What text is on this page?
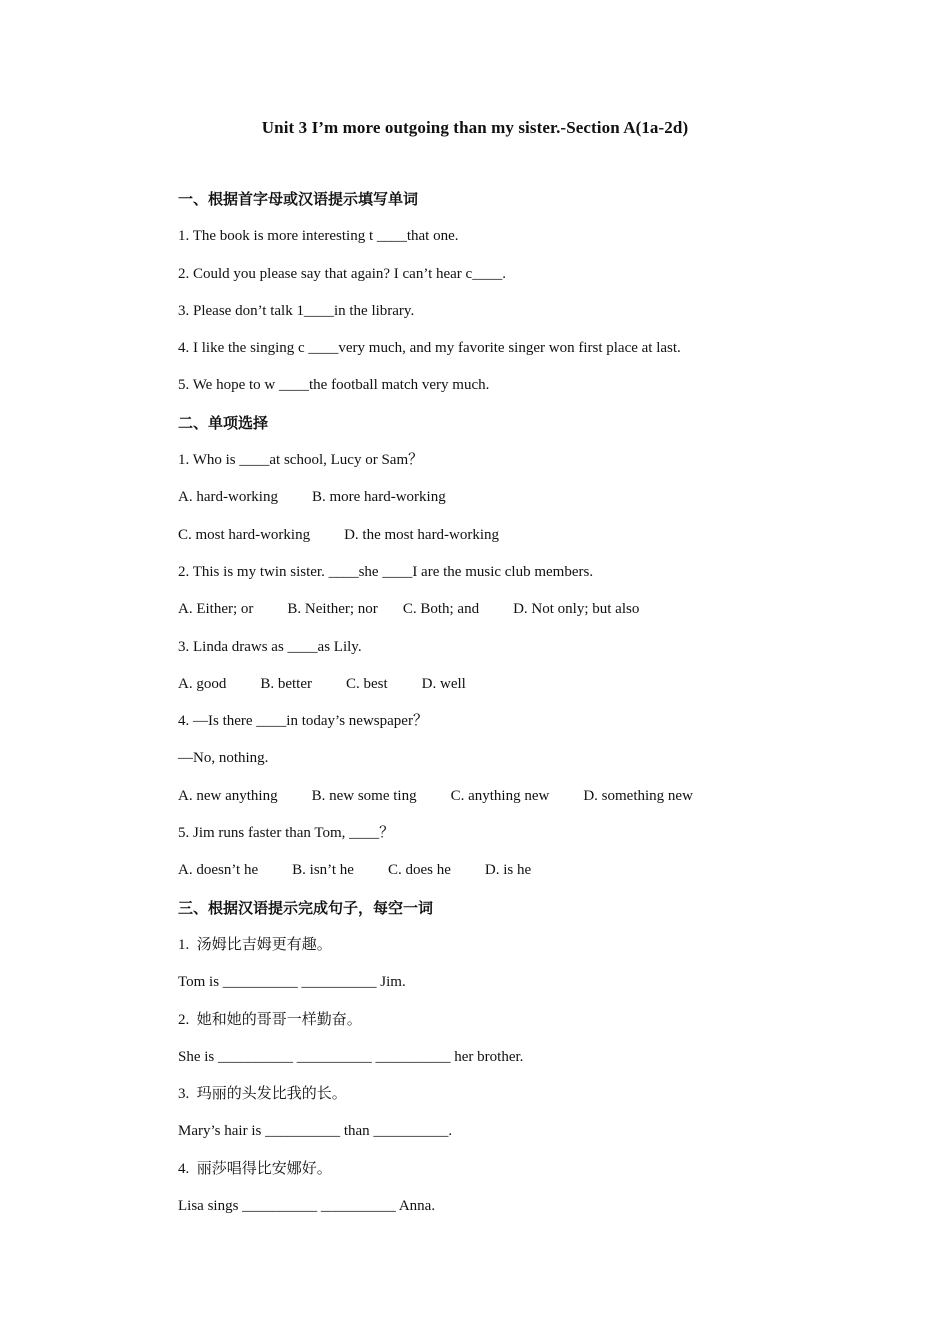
Unit 3 I’m more outgoing than my sister.-Section A(1a-2d)
一、根据首字母或汉语提示填写单词
1. The book is more interesting t ____that one.
2. Could you please say that again? I can’t hear c____.
3. Please don’t talk 1____in the library.
4. I like the singing c ____very much, and my favorite singer won first place at last.
5. We hope to w ____the football match very much.
二、单项选择
1. Who is ____at school, Lucy or Sam？
A. hard-working B. more hard-working
C. most hard-working D. the most hard-working
2. This is my twin sister. ____she ____I are the music club members.
A. Either; or B. Neither; nor C. Both; and D. Not only; but also
3. Linda draws as ____as Lily.
A. good B. better C. best D. well
4. —Is there ____in today’s newspaper？
—No, nothing.
A. new anything B. new some ting C. anything new D. something new
5. Jim runs faster than Tom, ____？
A. doesn’t he B. isn’t he C. does he D. is he
三、根据汉语提示完成句子，每空一词
1.  汤姆比吉姆更有趣。
Tom is __________ __________ Jim.
2.  她和她的哥哥一样勤奋。
She is __________ __________ __________ her brother.
3.  玛丽的头发比我的长。
Mary’s hair is __________ than __________.
4.  丽莎唱得比安娜好。
Lisa sings __________ __________ Anna.
